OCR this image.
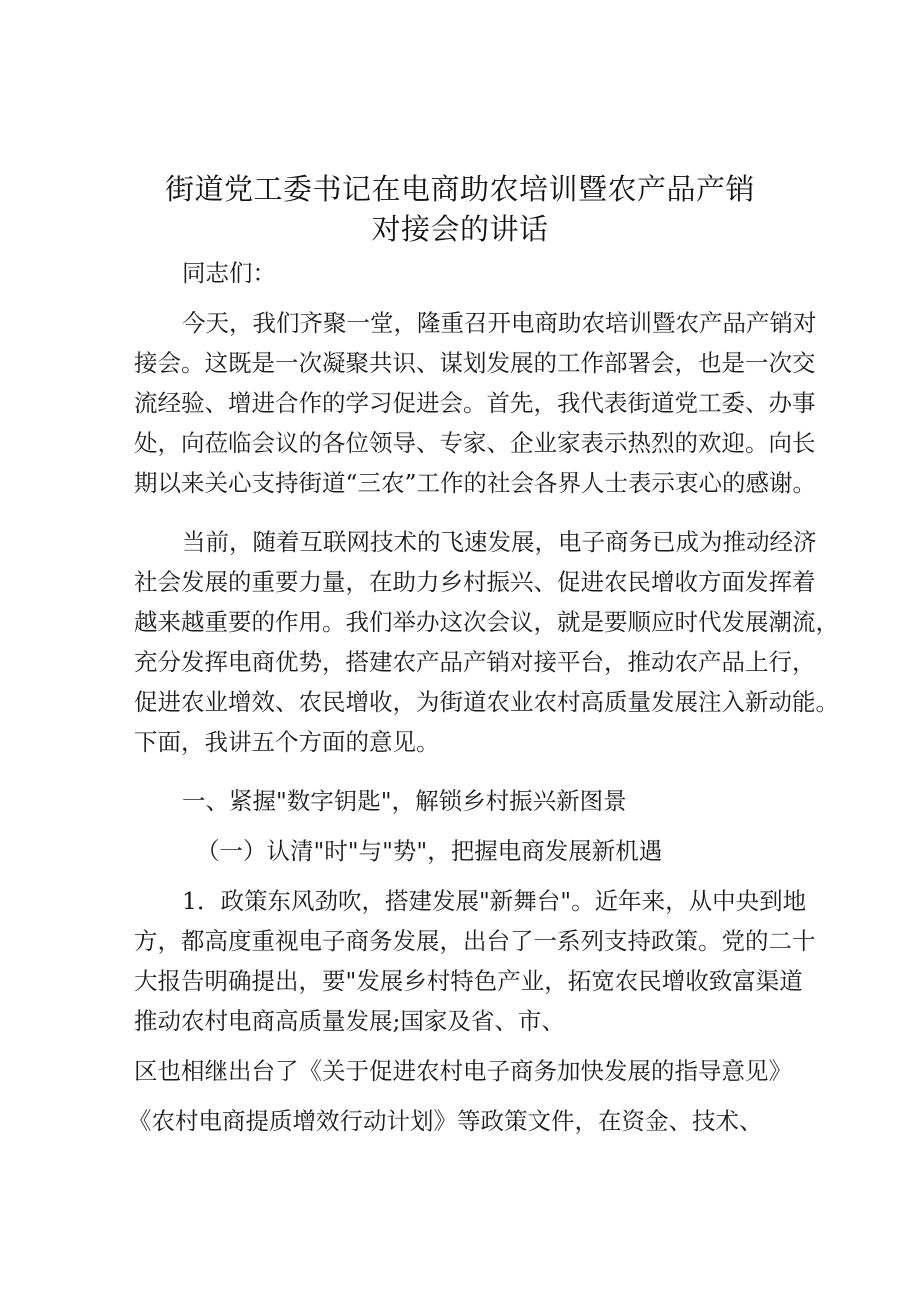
街道党工委书记在电商助农培训暨农产品产销
对接会的讲话
同志们：
今天，我们齐聚一堂，隆重召开电商助农培训暨农产品产销对
接会。这既是一次凝聚共识、谋划发展的工作部署会，也是一次交
流经验、增进合作的学习促进会。首先，我代表街道党工委、办事
处，向莅临会议的各位领导、专家、企业家表示热烈的欢迎。向长
期以来关心支持街道“三农”工作的社会各界人士表示衷心的感谢。
当前，随着互联网技术的飞速发展，电子商务已成为推动经济
社会发展的重要力量，在助力乡村振兴、促进农民增收方面发挥着
越来越重要的作用。我们举办这次会议，就是要顺应时代发展潮流，
充分发挥电商优势，搭建农产品产销对接平台，推动农产品上行，
促进农业增效、农民增收，为街道农业农村高质量发展注入新动能。
下面，我讲五个方面的意见。
一、紧握"数字钥匙"，解锁乡村振兴新图景
（一）认清"时"与"势"，把握电商发展新机遇
1．政策东风劲吹，搭建发展"新舞台"。近年来，从中央到地
方，都高度重视电子商务发展，出台了一系列支持政策。党的二十
大报告明确提出，要"发展乡村特色产业，拓宽农民增收致富渠道
推动农村电商高质量发展;国家及省、市、
区也相继出台了《关于促进农村电子商务加快发展的指导意见》
《农村电商提质增效行动计划》等政策文件，在资金、技术、
